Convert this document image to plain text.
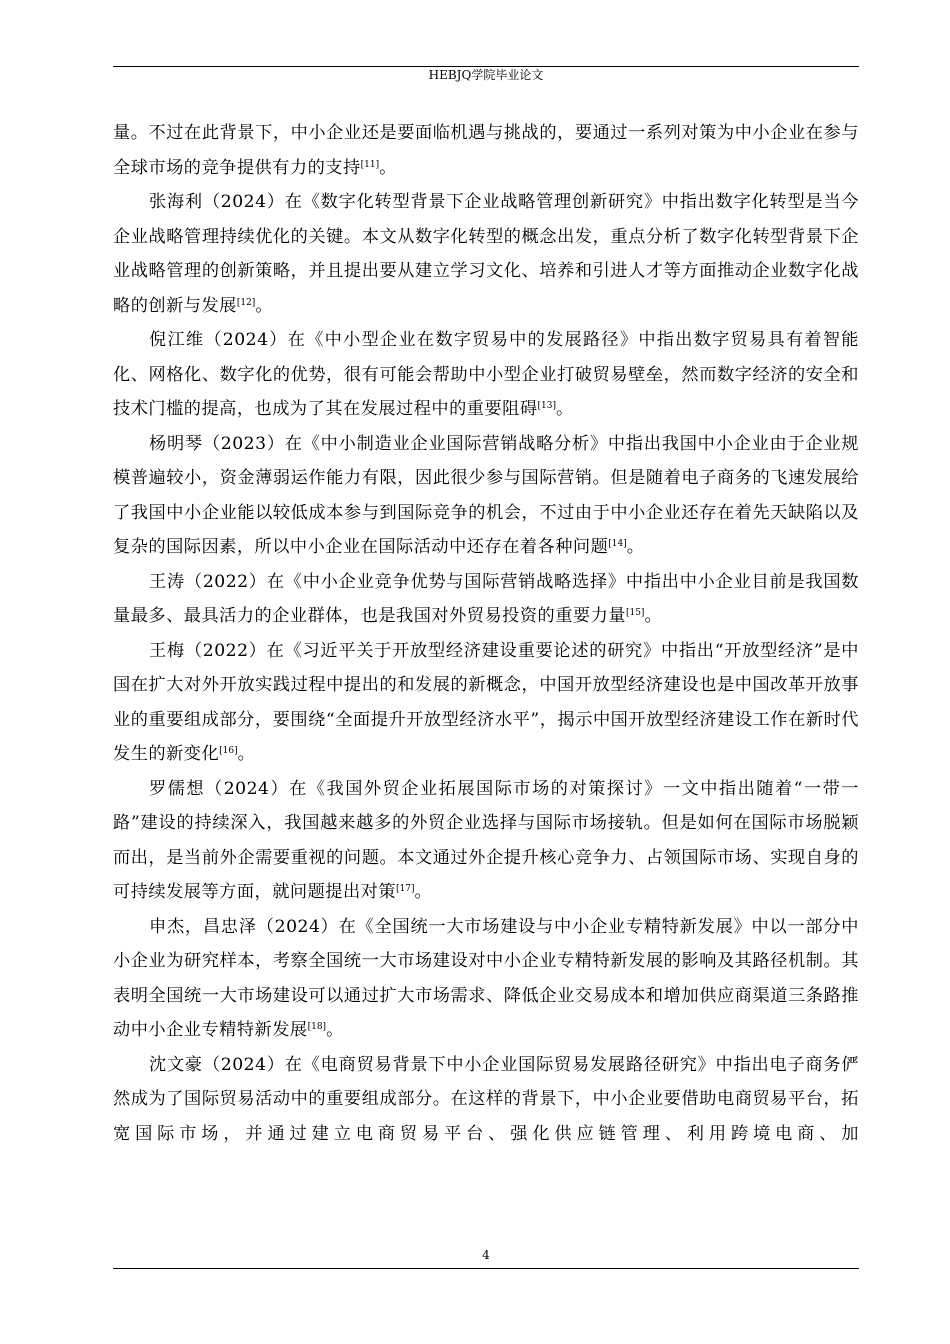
HEBJQ学院毕业论文

量。不过在此背景下，中小企业还是要面临机遇与挑战的，要通过一系列对策为中小企业在参与全球市场的竞争提供有力的支持[11]。

张海利（2024）在《数字化转型背景下企业战略管理创新研究》中指出数字化转型是当今企业战略管理持续优化的关键。本文从数字化转型的概念出发，重点分析了数字化转型背景下企业战略管理的创新策略，并且提出要从建立学习文化、培养和引进人才等方面推动企业数字化战略的创新与发展[12]。

倪江维（2024）在《中小型企业在数字贸易中的发展路径》中指出数字贸易具有着智能化、网格化、数字化的优势，很有可能会帮助中小型企业打破贸易壁垒，然而数字经济的安全和技术门槛的提高，也成为了其在发展过程中的重要阻碍[13]。

杨明琴（2023）在《中小制造业企业国际营销战略分析》中指出我国中小企业由于企业规模普遍较小，资金薄弱运作能力有限，因此很少参与国际营销。但是随着电子商务的飞速发展给了我国中小企业能以较低成本参与到国际竞争的机会，不过由于中小企业还存在着先天缺陷以及复杂的国际因素，所以中小企业在国际活动中还存在着各种问题[14]。

王涛（2022）在《中小企业竞争优势与国际营销战略选择》中指出中小企业目前是我国数量最多、最具活力的企业群体，也是我国对外贸易投资的重要力量[15]。

王梅（2022）在《习近平关于开放型经济建设重要论述的研究》中指出“开放型经济”是中国在扩大对外开放实践过程中提出的和发展的新概念，中国开放型经济建设也是中国改革开放事业的重要组成部分，要围绕“全面提升开放型经济水平”，揭示中国开放型经济建设工作在新时代发生的新变化[16]。

罗儒想（2024）在《我国外贸企业拓展国际市场的对策探讨》一文中指出随着“一带一路”建设的持续深入，我国越来越多的外贸企业选择与国际市场接轨。但是如何在国际市场脱颖而出，是当前外企需要重视的问题。本文通过外企提升核心竞争力、占领国际市场、实现自身的可持续发展等方面，就问题提出对策[17]。

申杰，昌忠泽（2024）在《全国统一大市场建设与中小企业专精特新发展》中以一部分中小企业为研究样本，考察全国统一大市场建设对中小企业专精特新发展的影响及其路径机制。其表明全国统一大市场建设可以通过扩大市场需求、降低企业交易成本和增加供应商渠道三条路推动中小企业专精特新发展[18]。

沈文豪（2024）在《电商贸易背景下中小企业国际贸易发展路径研究》中指出电子商务俨然成为了国际贸易活动中的重要组成部分。在这样的背景下，中小企业要借助电商贸易平台，拓宽国际市场，并通过建立电商贸易平台、强化供应链管理、利用跨境电商、加

4
